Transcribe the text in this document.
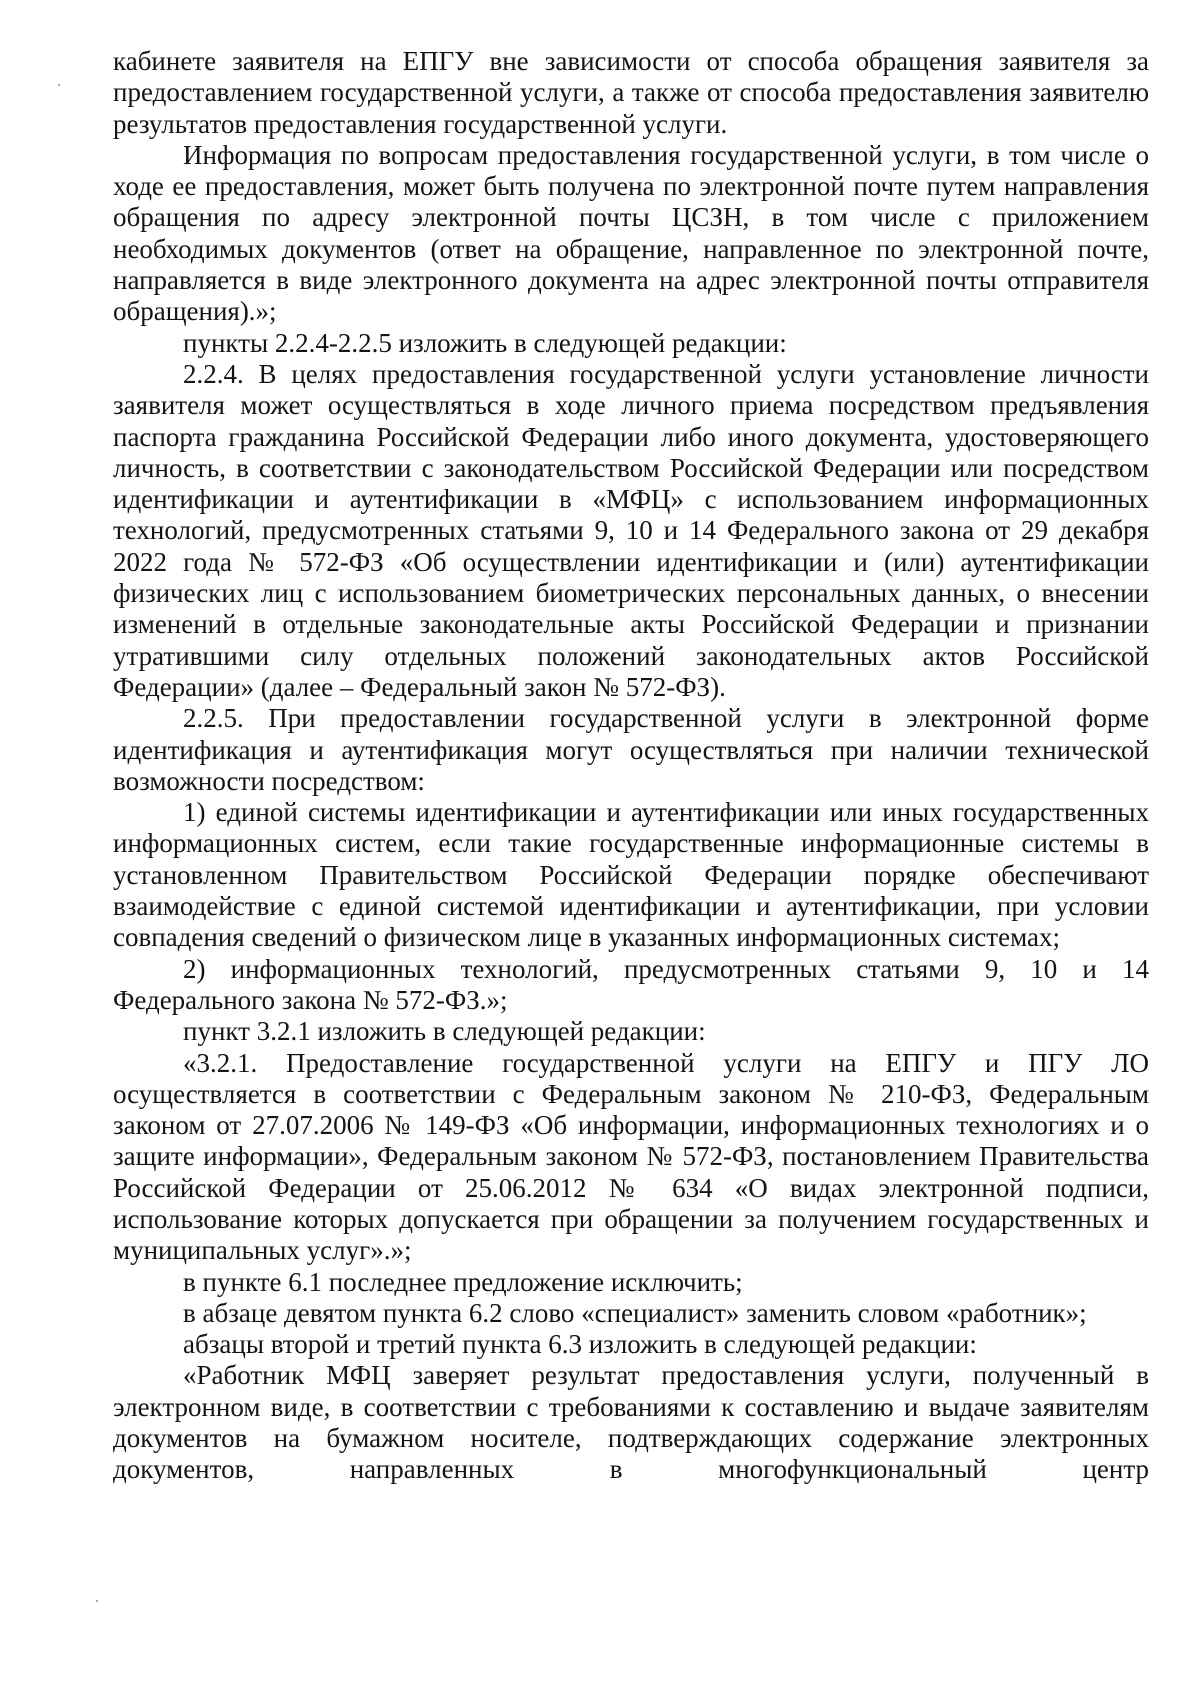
кабинете заявителя на ЕПГУ вне зависимости от способа обращения заявителя за предоставлением государственной услуги, а также от способа предоставления заявителю результатов предоставления государственной услуги.

Информация по вопросам предоставления государственной услуги, в том числе о ходе ее предоставления, может быть получена по электронной почте путем направления обращения по адресу электронной почты ЦСЗН, в том числе с приложением необходимых документов (ответ на обращение, направленное по электронной почте, направляется в виде электронного документа на адрес электронной почты отправителя обращения).»;

пункты 2.2.4-2.2.5 изложить в следующей редакции:

2.2.4. В целях предоставления государственной услуги установление личности заявителя может осуществляться в ходе личного приема посредством предъявления паспорта гражданина Российской Федерации либо иного документа, удостоверяющего личность, в соответствии с законодательством Российской Федерации или посредством идентификации и аутентификации в «МФЦ» с использованием информационных технологий, предусмотренных статьями 9, 10 и 14 Федерального закона от 29 декабря 2022 года № 572-ФЗ «Об осуществлении идентификации и (или) аутентификации физических лиц с использованием биометрических персональных данных, о внесении изменений в отдельные законодательные акты Российской Федерации и признании утратившими силу отдельных положений законодательных актов Российской Федерации» (далее – Федеральный закон № 572-ФЗ).

2.2.5. При предоставлении государственной услуги в электронной форме идентификация и аутентификация могут осуществляться при наличии технической возможности посредством:

1) единой системы идентификации и аутентификации или иных государственных информационных систем, если такие государственные информационные системы в установленном Правительством Российской Федерации порядке обеспечивают взаимодействие с единой системой идентификации и аутентификации, при условии совпадения сведений о физическом лице в указанных информационных системах;

2) информационных технологий, предусмотренных статьями 9, 10 и 14 Федерального закона № 572-ФЗ.»;

пункт 3.2.1 изложить в следующей редакции:

«3.2.1. Предоставление государственной услуги на ЕПГУ и ПГУ ЛО осуществляется в соответствии с Федеральным законом № 210-ФЗ, Федеральным законом от 27.07.2006 № 149-ФЗ «Об информации, информационных технологиях и о защите информации», Федеральным законом № 572-ФЗ, постановлением Правительства Российской Федерации от 25.06.2012 № 634 «О видах электронной подписи, использование которых допускается при обращении за получением государственных и муниципальных услуг».»;

в пункте 6.1 последнее предложение исключить;

в абзаце девятом пункта 6.2 слово «специалист» заменить словом «работник»;

абзацы второй и третий пункта 6.3 изложить в следующей редакции:

«Работник МФЦ заверяет результат предоставления услуги, полученный в электронном виде, в соответствии с требованиями к составлению и выдаче заявителям документов на бумажном носителе, подтверждающих содержание электронных документов, направленных в многофункциональный центр
